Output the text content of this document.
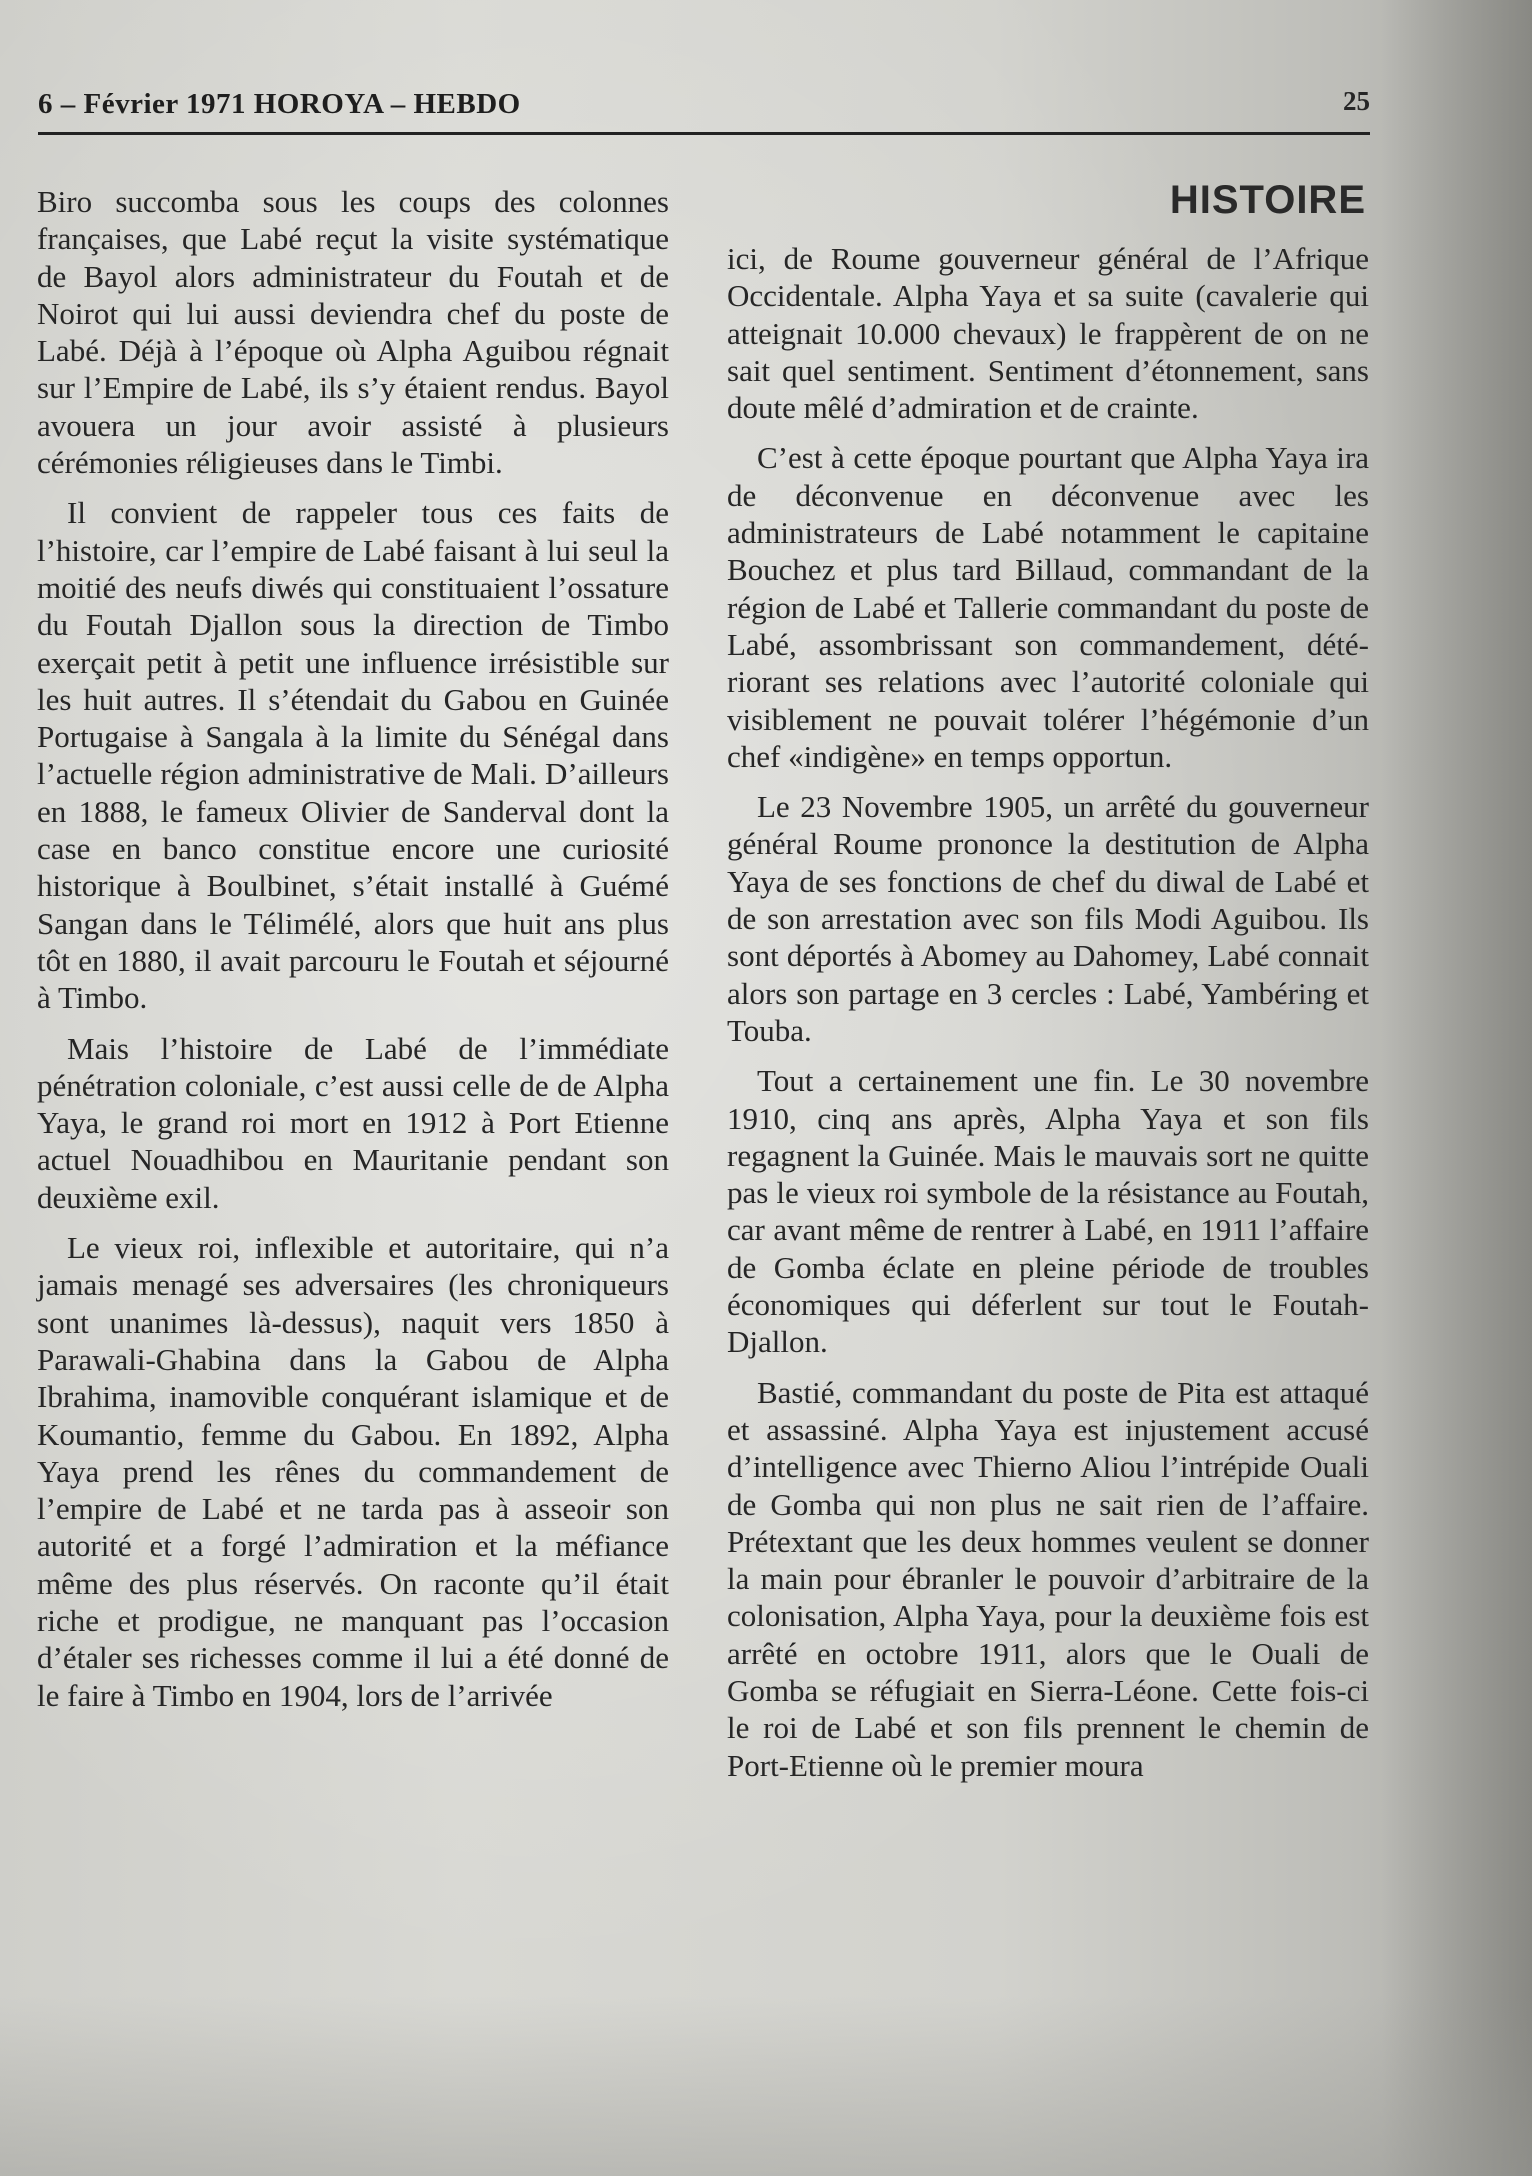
6 – Février 1971 HOROYA – HEBDO	25
HISTOIRE

Biro succomba sous les coups des colonnes françaises, que Labé reçut la visite systématique de Bayol alors administrateur du Foutah et de Noirot qui lui aussi deviendra chef du poste de Labé. Déjà à l’époque où Alpha Aguibou régnait sur l’Empire de Labé, ils s’y étaient rendus. Bayol avouera un jour avoir assisté à plusieurs cérémonies réligieuses dans le Timbi.

Il convient de rappeler tous ces faits de l’histoire, car l’empire de Labé faisant à lui seul la moitié des neufs diwés qui constituaient l’ossature du Foutah Djallon sous la direction de Timbo exerçait petit à petit une influence irrésistible sur les huit autres. Il s’étendait du Gabou en Guinée Portugaise à Sangala à la limite du Sénégal dans l’actuelle région administrative de Mali. D’ailleurs en 1888, le fameux Olivier de Sanderval dont la case en banco constitue encore une curiosité historique à Boulbinet, s’était installé à Guémé Sangan dans le Télimélé, alors que huit ans plus tôt en 1880, il avait parcouru le Foutah et séjourné à Timbo.

Mais l’histoire de Labé de l’immédiate pénétration coloniale, c’est aussi celle de de Alpha Yaya, le grand roi mort en 1912 à Port Etienne actuel Nouadhibou en Mauritanie pendant son deuxième exil.

Le vieux roi, inflexible et autoritaire, qui n’a jamais menagé ses adversaires (les chroniqueurs sont unanimes là-dessus), naquit vers 1850 à Parawali-Ghabina dans la Gabou de Alpha Ibrahima, inamovible conquérant islamique et de Koumantio, femme du Gabou. En 1892, Alpha Yaya prend les rênes du commandement de l’empire de Labé et ne tarda pas à asseoir son autorité et a forgé l’admiration et la méfiance même des plus réservés. On raconte qu’il était riche et prodigue, ne manquant pas l’occasion d’étaler ses richesses comme il lui a été donné de le faire à Timbo en 1904, lors de l’arrivée

ici, de Roume gouverneur général de l’Afrique Occidentale. Alpha Yaya et sa suite (cavalerie qui atteignait 10.000 chevaux) le frappèrent de on ne sait quel sentiment. Sentiment d’étonnement, sans doute mêlé d’admiration et de crainte.

C’est à cette époque pourtant que Alpha Yaya ira de déconvenue en déconvenue avec les administrateurs de Labé notamment le capitaine Bouchez et plus tard Billaud, commandant de la région de Labé et Tallerie commandant du poste de Labé, assombrissant son commandement, détériorant ses relations avec l’autorité coloniale qui visiblement ne pouvait tolérer l’hégémonie d’un chef «indigène» en temps opportun.

Le 23 Novembre 1905, un arrêté du gouverneur général Roume prononce la destitution de Alpha Yaya de ses fonctions de chef du diwal de Labé et de son arrestation avec son fils Modi Aguibou. Ils sont déportés à Abomey au Dahomey, Labé connait alors son partage en 3 cercles : Labé, Yambéring et Touba.

Tout a certainement une fin. Le 30 novembre 1910, cinq ans après, Alpha Yaya et son fils regagnent la Guinée. Mais le mauvais sort ne quitte pas le vieux roi symbole de la résistance au Foutah, car avant même de rentrer à Labé, en 1911 l’affaire de Gomba éclate en pleine période de troubles économiques qui déferlent sur tout le Foutah-Djallon.

Bastié, commandant du poste de Pita est attaqué et assassiné. Alpha Yaya est injustement accusé d’intelligence avec Thierno Aliou l’intrépide Ouali de Gomba qui non plus ne sait rien de l’affaire. Prétextant que les deux hommes veulent se donner la main pour ébranler le pouvoir d’arbitraire de la colonisation, Alpha Yaya, pour la deuxième fois est arrêté en octobre 1911, alors que le Ouali de Gomba se réfugiait en Sierra-Léone. Cette fois-ci le roi de Labé et son fils prennent le chemin de Port-Etienne où le premier moura
